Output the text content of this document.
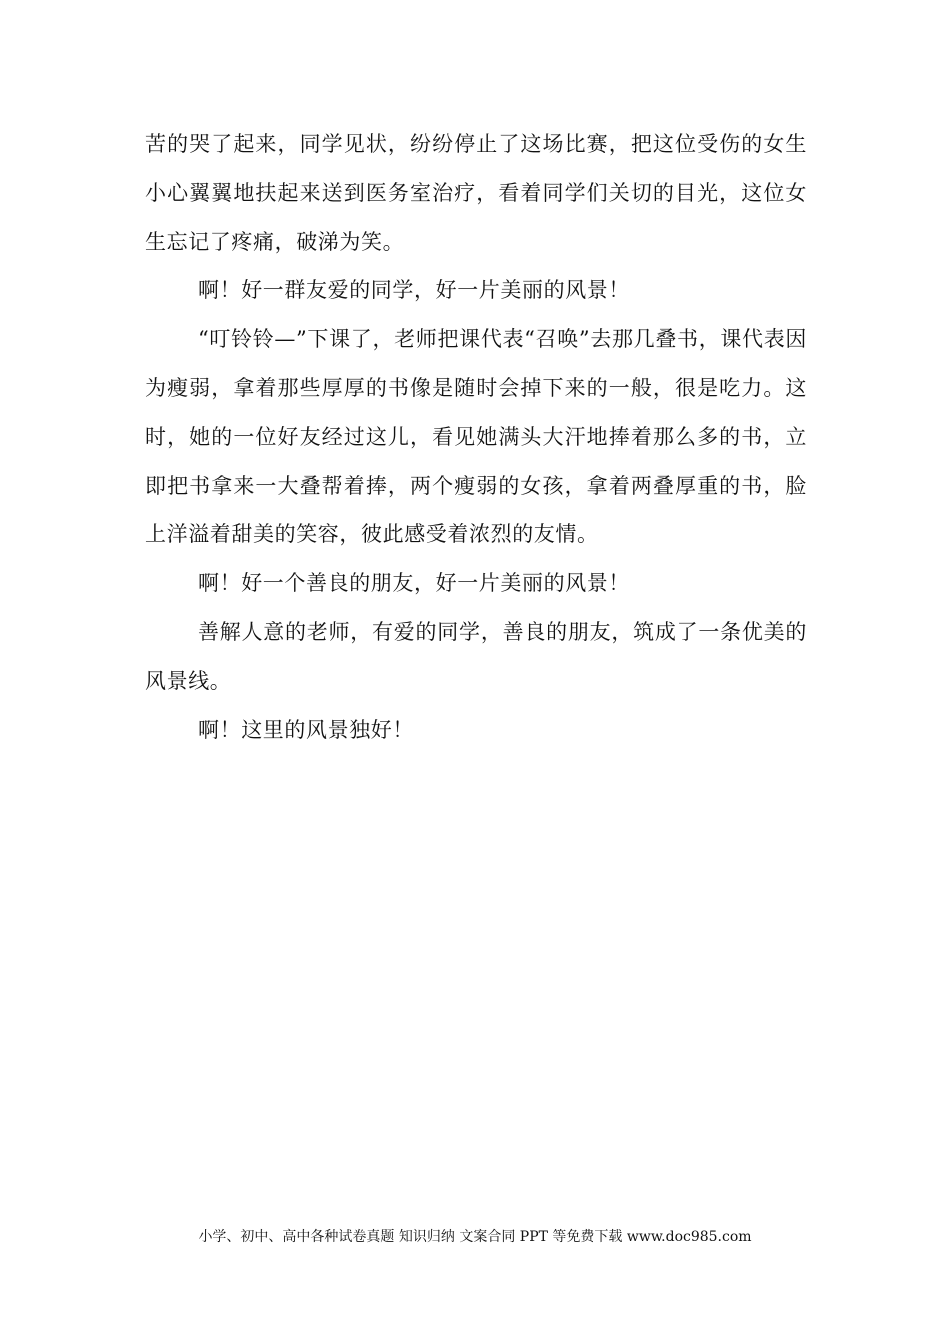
苦的哭了起来，同学见状，纷纷停止了这场比赛，把这位受伤的女生小心翼翼地扶起来送到医务室治疗，看着同学们关切的目光，这位女生忘记了疼痛，破涕为笑。

啊！好一群友爱的同学，好一片美丽的风景！

“叮铃铃—”下课了，老师把课代表“召唤”去那几叠书，课代表因为瘦弱，拿着那些厚厚的书像是随时会掉下来的一般，很是吃力。这时，她的一位好友经过这儿，看见她满头大汗地捧着那么多的书，立即把书拿来一大叠帮着捧，两个瘦弱的女孩，拿着两叠厚重的书，脸上洋溢着甜美的笑容，彼此感受着浓烈的友情。

啊！好一个善良的朋友，好一片美丽的风景！

善解人意的老师，有爱的同学，善良的朋友，筑成了一条优美的风景线。

啊！这里的风景独好！

小学、初中、高中各种试卷真题 知识归纳 文案合同 PPT 等免费下载 www.doc985.com
